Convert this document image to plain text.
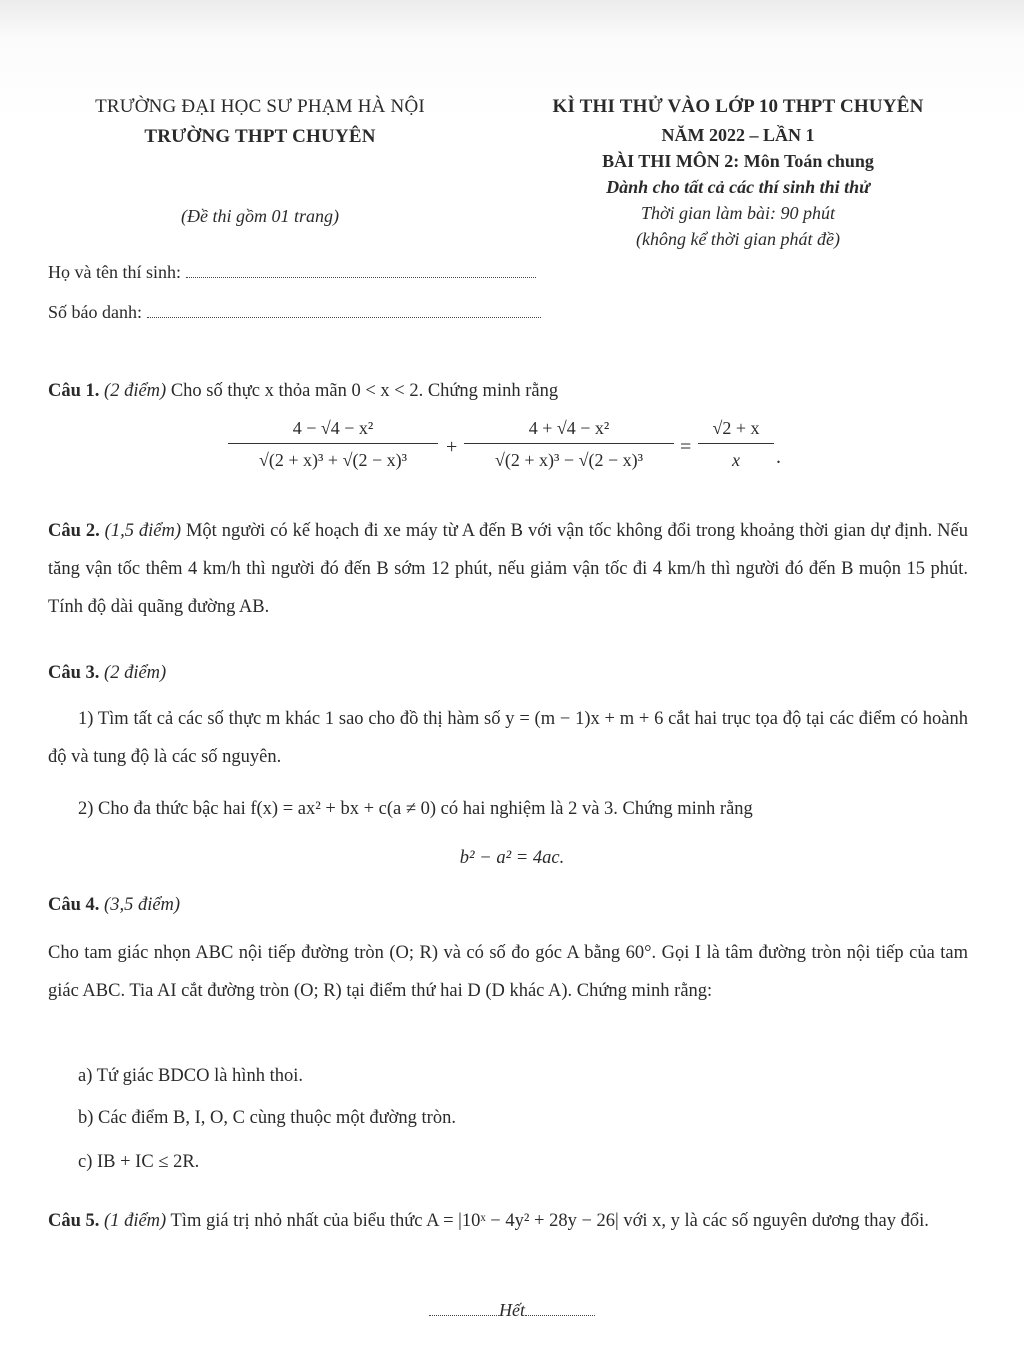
TRƯỜNG ĐẠI HỌC SƯ PHẠM HÀ NỘI
TRƯỜNG THPT CHUYÊN
(Đề thi gồm 01 trang)
KÌ THI THỬ VÀO LỚP 10 THPT CHUYÊN
NĂM 2022 – LẦN 1
BÀI THI MÔN 2: Môn Toán chung
Dành cho tất cả các thí sinh thi thử
Thời gian làm bài: 90 phút
(không kể thời gian phát đề)
Họ và tên thí sinh:
Số báo danh:
Câu 1. (2 điểm) Cho số thực x thỏa mãn 0 < x < 2. Chứng minh rằng
$\frac{\text{4 − √4 − x²}}{\text{√(2 + x)³ + √(2 − x)³}} + \frac{\text{4 + √4 − x²}}{\text{√(2 + x)³ − √(2 − x)³}} = \frac{√2 + x}{x}$ .
Câu 2. (1,5 điểm) Một người có kế hoạch đi xe máy từ A đến B với vận tốc không đổi trong khoảng thời gian dự định. Nếu tăng vận tốc thêm 4 km/h thì người đó đến B sớm 12 phút, nếu giảm vận tốc đi 4 km/h thì người đó đến B muộn 15 phút. Tính độ dài quãng đường AB.
Câu 3. (2 điểm)
1) Tìm tất cả các số thực m khác 1 sao cho đồ thị hàm số y = (m − 1)x + m + 6 cắt hai trục tọa độ tại các điểm có hoành độ và tung độ là các số nguyên.
2) Cho đa thức bậc hai f(x) = ax² + bx + c(a ≠ 0) có hai nghiệm là 2 và 3. Chứng minh rằng
b² − a² = 4ac.
Câu 4. (3,5 điểm)
Cho tam giác nhọn ABC nội tiếp đường tròn (O; R) và có số đo góc A bằng 60°. Gọi I là tâm đường tròn nội tiếp của tam giác ABC. Tia AI cắt đường tròn (O; R) tại điểm thứ hai D (D khác A). Chứng minh rằng:
a) Tứ giác BDCO là hình thoi.
b) Các điểm B, I, O, C cùng thuộc một đường tròn.
c) IB + IC ≤ 2R.
Câu 5. (1 điểm) Tìm giá trị nhỏ nhất của biểu thức A = |10ˣ − 4y² + 28y − 26| với x, y là các số nguyên dương thay đổi.
Hết
